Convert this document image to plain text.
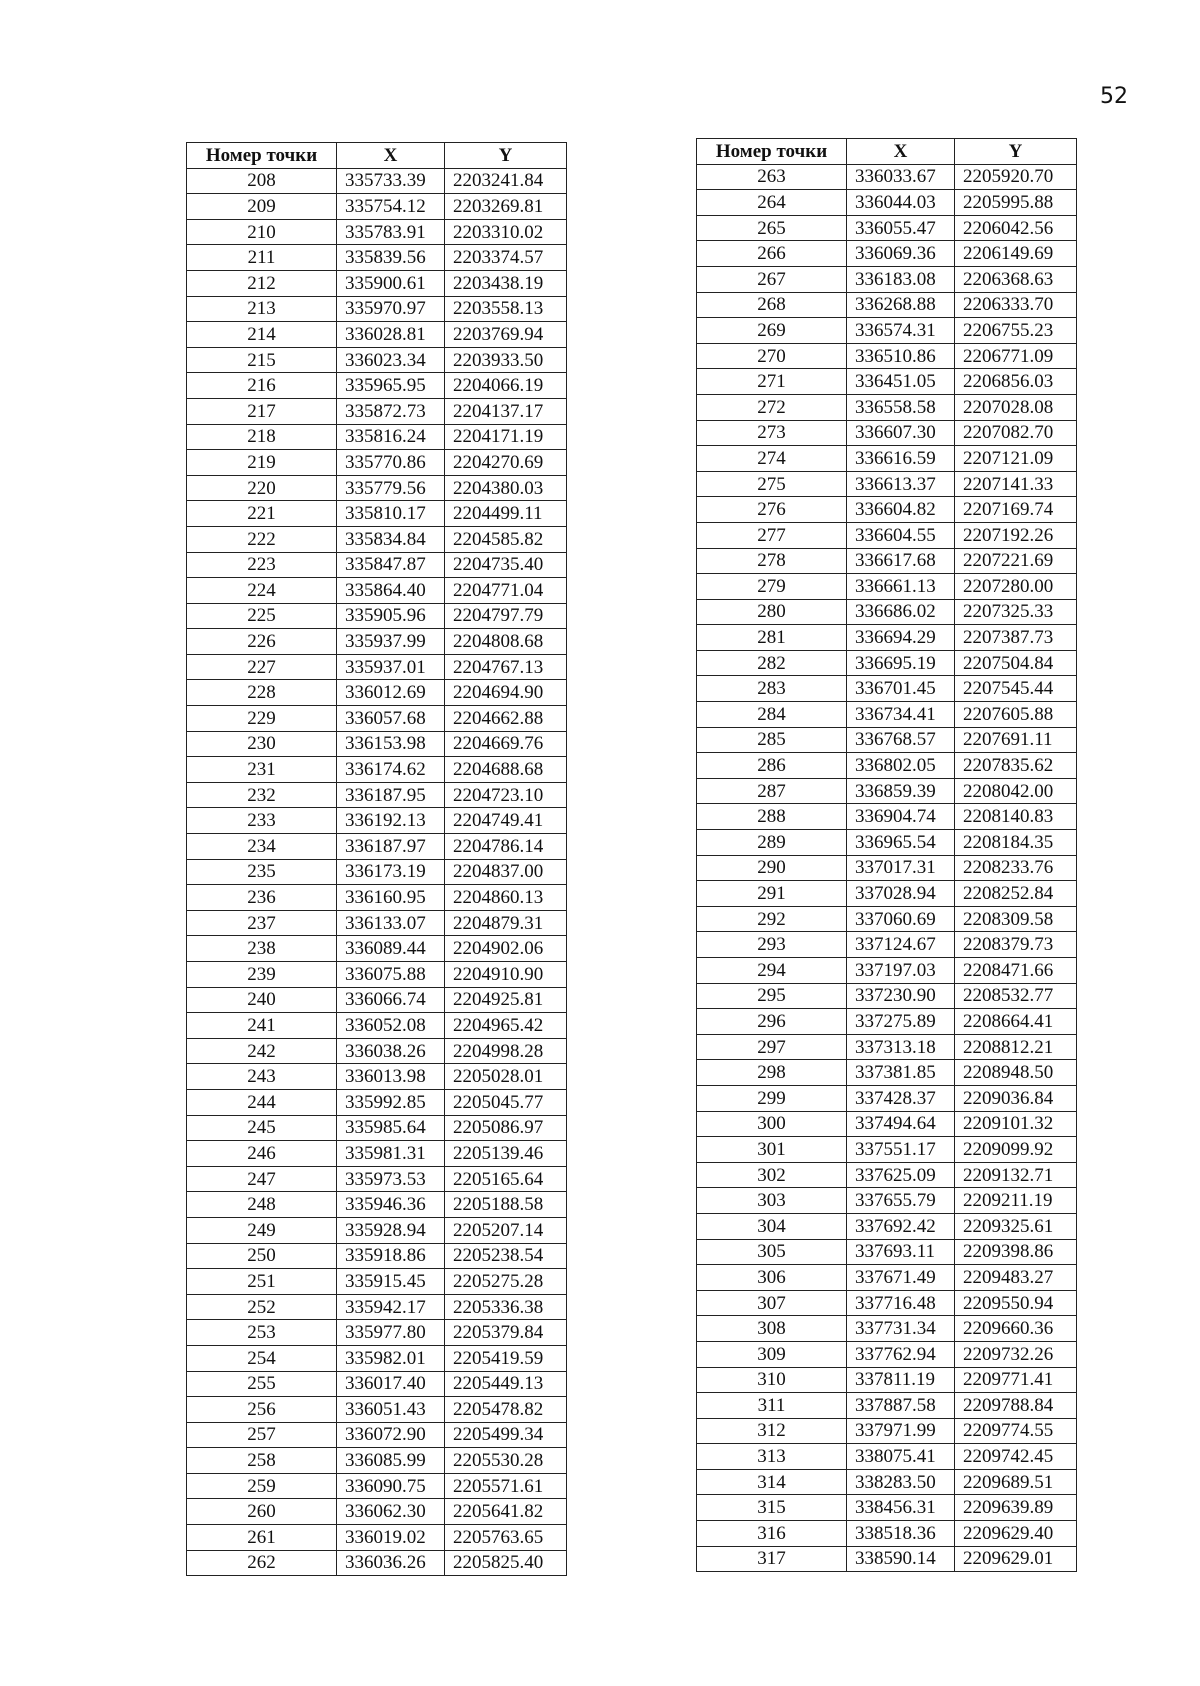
52
Номер точки	X	Y
208	335733.39	2203241.84
209	335754.12	2203269.81
210	335783.91	2203310.02
211	335839.56	2203374.57
212	335900.61	2203438.19
213	335970.97	2203558.13
214	336028.81	2203769.94
215	336023.34	2203933.50
216	335965.95	2204066.19
217	335872.73	2204137.17
218	335816.24	2204171.19
219	335770.86	2204270.69
220	335779.56	2204380.03
221	335810.17	2204499.11
222	335834.84	2204585.82
223	335847.87	2204735.40
224	335864.40	2204771.04
225	335905.96	2204797.79
226	335937.99	2204808.68
227	335937.01	2204767.13
228	336012.69	2204694.90
229	336057.68	2204662.88
230	336153.98	2204669.76
231	336174.62	2204688.68
232	336187.95	2204723.10
233	336192.13	2204749.41
234	336187.97	2204786.14
235	336173.19	2204837.00
236	336160.95	2204860.13
237	336133.07	2204879.31
238	336089.44	2204902.06
239	336075.88	2204910.90
240	336066.74	2204925.81
241	336052.08	2204965.42
242	336038.26	2204998.28
243	336013.98	2205028.01
244	335992.85	2205045.77
245	335985.64	2205086.97
246	335981.31	2205139.46
247	335973.53	2205165.64
248	335946.36	2205188.58
249	335928.94	2205207.14
250	335918.86	2205238.54
251	335915.45	2205275.28
252	335942.17	2205336.38
253	335977.80	2205379.84
254	335982.01	2205419.59
255	336017.40	2205449.13
256	336051.43	2205478.82
257	336072.90	2205499.34
258	336085.99	2205530.28
259	336090.75	2205571.61
260	336062.30	2205641.82
261	336019.02	2205763.65
262	336036.26	2205825.40
Номер точки	X	Y
263	336033.67	2205920.70
264	336044.03	2205995.88
265	336055.47	2206042.56
266	336069.36	2206149.69
267	336183.08	2206368.63
268	336268.88	2206333.70
269	336574.31	2206755.23
270	336510.86	2206771.09
271	336451.05	2206856.03
272	336558.58	2207028.08
273	336607.30	2207082.70
274	336616.59	2207121.09
275	336613.37	2207141.33
276	336604.82	2207169.74
277	336604.55	2207192.26
278	336617.68	2207221.69
279	336661.13	2207280.00
280	336686.02	2207325.33
281	336694.29	2207387.73
282	336695.19	2207504.84
283	336701.45	2207545.44
284	336734.41	2207605.88
285	336768.57	2207691.11
286	336802.05	2207835.62
287	336859.39	2208042.00
288	336904.74	2208140.83
289	336965.54	2208184.35
290	337017.31	2208233.76
291	337028.94	2208252.84
292	337060.69	2208309.58
293	337124.67	2208379.73
294	337197.03	2208471.66
295	337230.90	2208532.77
296	337275.89	2208664.41
297	337313.18	2208812.21
298	337381.85	2208948.50
299	337428.37	2209036.84
300	337494.64	2209101.32
301	337551.17	2209099.92
302	337625.09	2209132.71
303	337655.79	2209211.19
304	337692.42	2209325.61
305	337693.11	2209398.86
306	337671.49	2209483.27
307	337716.48	2209550.94
308	337731.34	2209660.36
309	337762.94	2209732.26
310	337811.19	2209771.41
311	337887.58	2209788.84
312	337971.99	2209774.55
313	338075.41	2209742.45
314	338283.50	2209689.51
315	338456.31	2209639.89
316	338518.36	2209629.40
317	338590.14	2209629.01
